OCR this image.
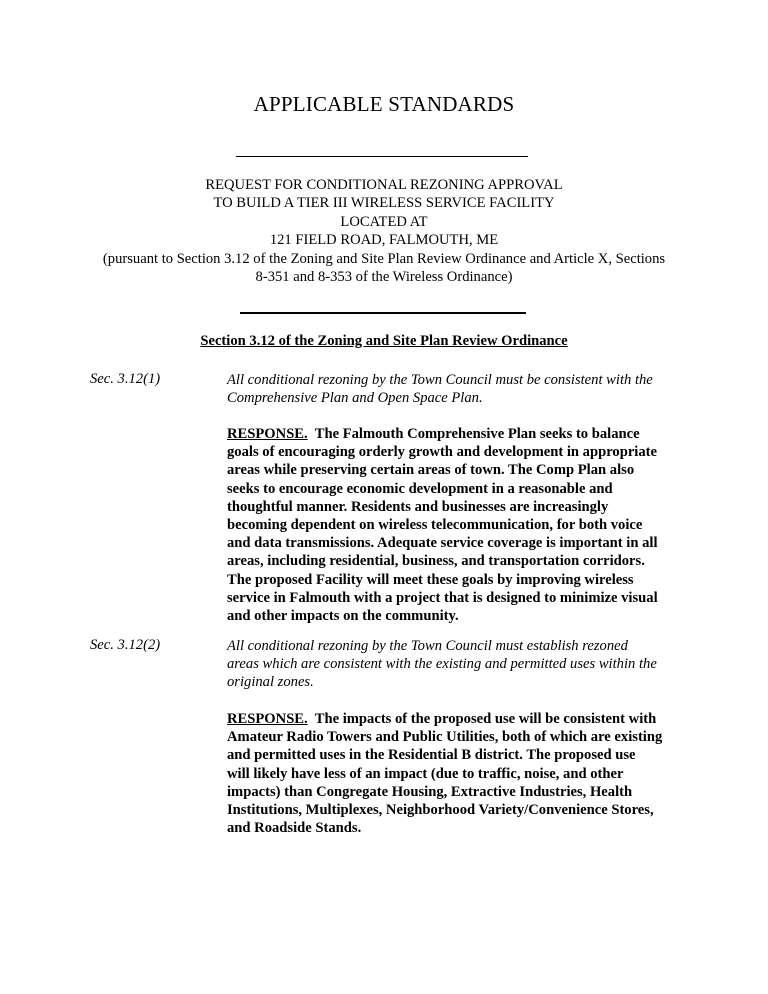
APPLICABLE STANDARDS
REQUEST FOR CONDITIONAL REZONING APPROVAL
TO BUILD A TIER III WIRELESS SERVICE FACILITY
LOCATED AT
121 FIELD ROAD, FALMOUTH, ME
(pursuant to Section 3.12 of the Zoning and Site Plan Review Ordinance and Article X, Sections
8-351 and 8-353 of the Wireless Ordinance)
Section 3.12 of the Zoning and Site Plan Review Ordinance
Sec. 3.12(1)	All conditional rezoning by the Town Council must be consistent with the
Comprehensive Plan and Open Space Plan.
RESPONSE.  The Falmouth Comprehensive Plan seeks to balance
goals of encouraging orderly growth and development in appropriate
areas while preserving certain areas of town. The Comp Plan also
seeks to encourage economic development in a reasonable and
thoughtful manner. Residents and businesses are increasingly
becoming dependent on wireless telecommunication, for both voice
and data transmissions. Adequate service coverage is important in all
areas, including residential, business, and transportation corridors.
The proposed Facility will meet these goals by improving wireless
service in Falmouth with a project that is designed to minimize visual
and other impacts on the community.
Sec. 3.12(2)	All conditional rezoning by the Town Council must establish rezoned
areas which are consistent with the existing and permitted uses within the
original zones.
RESPONSE.  The impacts of the proposed use will be consistent with
Amateur Radio Towers and Public Utilities, both of which are existing
and permitted uses in the Residential B district. The proposed use
will likely have less of an impact (due to traffic, noise, and other
impacts) than Congregate Housing, Extractive Industries, Health
Institutions, Multiplexes, Neighborhood Variety/Convenience Stores,
and Roadside Stands.
